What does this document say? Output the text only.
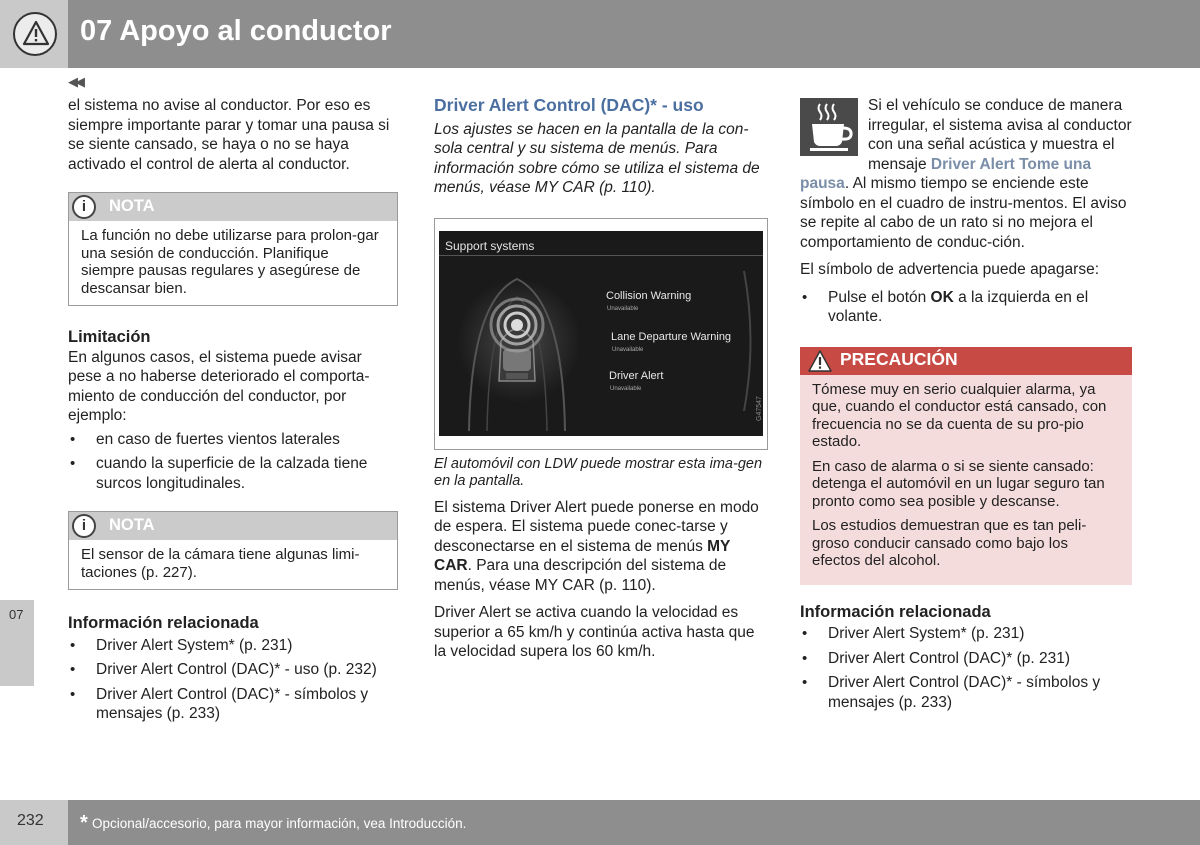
07 Apoyo al conductor
◀◀

el sistema no avise al conductor. Por eso es siempre importante parar y tomar una pausa si se siente cansado, se haya o no se haya activado el control de alerta al conductor.

i	NOTA
La función no debe utilizarse para prolon-gar una sesión de conducción. Planifique siempre pausas regulares y asegúrese de descansar bien.
Limitación

En algunos casos, el sistema puede avisar pese a no haberse deteriorado el comporta-miento de conducción del conductor, por ejemplo:

• en caso de fuertes vientos laterales
• cuando la superficie de la calzada tiene surcos longitudinales.
i	NOTA
El sensor de la cámara tiene algunas limi-taciones (p. 227).
Información relacionada
• Driver Alert System* (p. 231)
• Driver Alert Control (DAC)* - uso (p. 232)
• Driver Alert Control (DAC)* - símbolos y mensajes (p. 233)
Driver Alert Control (DAC)* - uso

Los ajustes se hacen en la pantalla de la con-sola central y su sistema de menús. Para información sobre cómo se utiliza el sistema de menús, véase MY CAR (p. 110).

Support systems
Collision Warning
Unavailable
Lane Departure Warning
Unavailable
Driver Alert
Unavailable
G47547
El automóvil con LDW puede mostrar esta ima-gen en la pantalla.

El sistema Driver Alert puede ponerse en modo de espera. El sistema puede conec-tarse y desconectarse en el sistema de menús MY CAR. Para una descripción del sistema de menús, véase MY CAR (p. 110).

Driver Alert se activa cuando la velocidad es superior a 65 km/h y continúa activa hasta que la velocidad supera los 60 km/h.

Si el vehículo se conduce de manera irregular, el sistema avisa al conductor con una señal acústica y muestra el mensaje Driver Alert Tome una pausa. Al mismo tiempo se enciende este símbolo en el cuadro de instru-mentos. El aviso se repite al cabo de un rato si no mejora el comportamiento de conduc-ción.

El símbolo de advertencia puede apagarse:

• Pulse el botón OK a la izquierda en el volante.
PRECAUCIÓN

Tómese muy en serio cualquier alarma, ya que, cuando el conductor está cansado, con frecuencia no se da cuenta de su pro-pio estado.

En caso de alarma o si se siente cansado: detenga el automóvil en un lugar seguro tan pronto como sea posible y descanse.

Los estudios demuestran que es tan peli-groso conducir cansado como bajo los efectos del alcohol.

Información relacionada
• Driver Alert System* (p. 231)
• Driver Alert Control (DAC)* (p. 231)
• Driver Alert Control (DAC)* - símbolos y mensajes (p. 233)
07
232 * Opcional/accesorio, para mayor información, vea Introducción.
